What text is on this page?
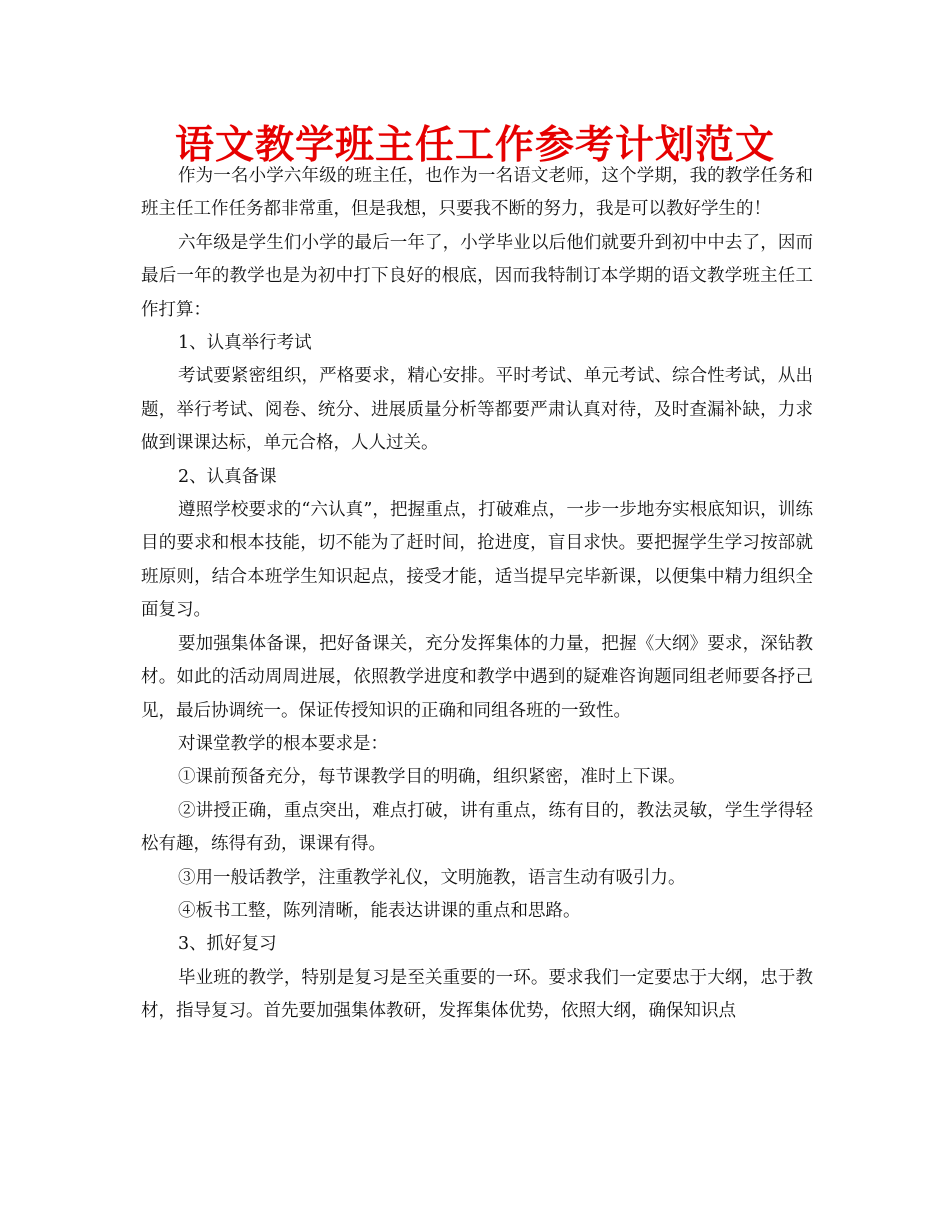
语文教学班主任工作参考计划范文

作为一名小学六年级的班主任，也作为一名语文老师，这个学期，我的教学任务和班主任工作任务都非常重，但是我想，只要我不断的努力，我是可以教好学生的！

六年级是学生们小学的最后一年了，小学毕业以后他们就要升到初中中去了，因而最后一年的教学也是为初中打下良好的根底，因而我特制订本学期的语文教学班主任工作打算：

1、认真举行考试

考试要紧密组织，严格要求，精心安排。平时考试、单元考试、综合性考试，从出题，举行考试、阅卷、统分、进展质量分析等都要严肃认真对待，及时查漏补缺，力求做到课课达标，单元合格，人人过关。

2、认真备课

遵照学校要求的“六认真”，把握重点，打破难点，一步一步地夯实根底知识，训练目的要求和根本技能，切不能为了赶时间，抢进度，盲目求快。要把握学生学习按部就班原则，结合本班学生知识起点，接受才能，适当提早完毕新课，以便集中精力组织全面复习。

要加强集体备课，把好备课关，充分发挥集体的力量，把握《大纲》要求，深钻教材。如此的活动周周进展，依照教学进度和教学中遇到的疑难咨询题同组老师要各抒己见，最后协调统一。保证传授知识的正确和同组各班的一致性。

对课堂教学的根本要求是：

①课前预备充分，每节课教学目的明确，组织紧密，准时上下课。

②讲授正确，重点突出，难点打破，讲有重点，练有目的，教法灵敏，学生学得轻松有趣，练得有劲，课课有得。

③用一般话教学，注重教学礼仪，文明施教，语言生动有吸引力。

④板书工整，陈列清晰，能表达讲课的重点和思路。

3、抓好复习

毕业班的教学，特别是复习是至关重要的一环。要求我们一定要忠于大纲，忠于教材，指导复习。首先要加强集体教研，发挥集体优势，依照大纲，确保知识点
